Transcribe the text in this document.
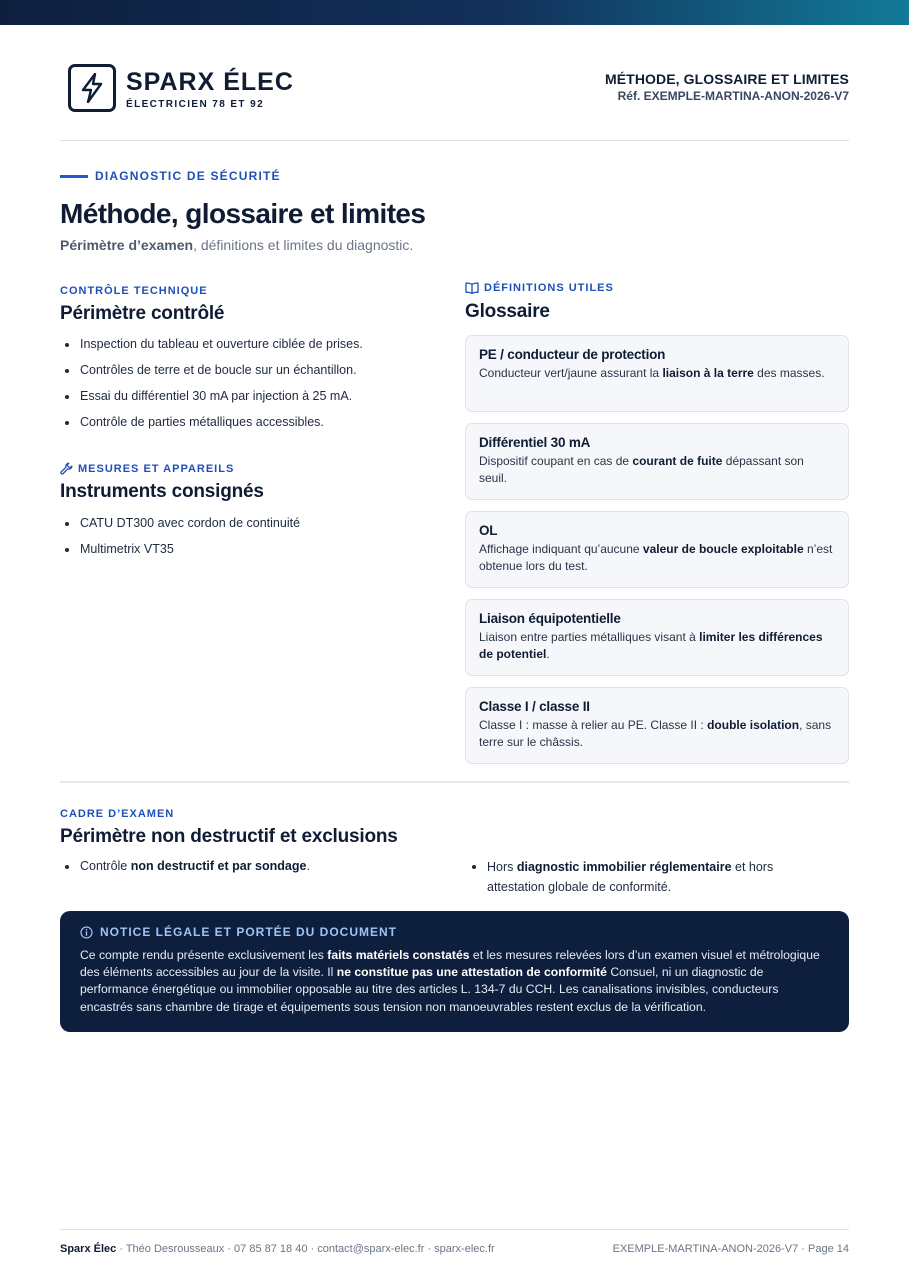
SPARX ÉLEC
ÉLECTRICIEN 78 ET 92
MÉTHODE, GLOSSAIRE ET LIMITES
Réf. EXEMPLE-MARTINA-ANON-2026-V7
DIAGNOSTIC DE SÉCURITÉ
Méthode, glossaire et limites
Périmètre d’examen, définitions et limites du diagnostic.
CONTRÔLE TECHNIQUE
Périmètre contrôlé
Inspection du tableau et ouverture ciblée de prises.
Contrôles de terre et de boucle sur un échantillon.
Essai du différentiel 30 mA par injection à 25 mA.
Contrôle de parties métalliques accessibles.
MESURES ET APPAREILS
Instruments consignés
CATU DT300 avec cordon de continuité
Multimetrix VT35
DÉFINITIONS UTILES
Glossaire
PE / conducteur de protection
Conducteur vert/jaune assurant la liaison à la terre des masses.
Différentiel 30 mA
Dispositif coupant en cas de courant de fuite dépassant son seuil.
OL
Affichage indiquant qu’aucune valeur de boucle exploitable n’est obtenue lors du test.
Liaison équipotentielle
Liaison entre parties métalliques visant à limiter les différences de potentiel.
Classe I / classe II
Classe I : masse à relier au PE. Classe II : double isolation, sans terre sur le châssis.
CADRE D’EXAMEN
Périmètre non destructif et exclusions
Contrôle non destructif et par sondage.	Hors diagnostic immobilier réglementaire et hors attestation globale de conformité.
NOTICE LÉGALE ET PORTÉE DU DOCUMENT
Ce compte rendu présente exclusivement les faits matériels constatés et les mesures relevées lors d’un examen visuel et métrologique des éléments accessibles au jour de la visite. Il ne constitue pas une attestation de conformité Consuel, ni un diagnostic de performance énergétique ou immobilier opposable au titre des articles L. 134-7 du CCH. Les canalisations invisibles, conducteurs encastrés sans chambre de tirage et équipements sous tension non manoeuvrables restent exclus de la vérification.
Sparx Élec · Théo Desrousseaux · 07 85 87 18 40 · contact@sparx-elec.fr · sparx-elec.fr	EXEMPLE-MARTINA-ANON-2026-V7 · Page 14
